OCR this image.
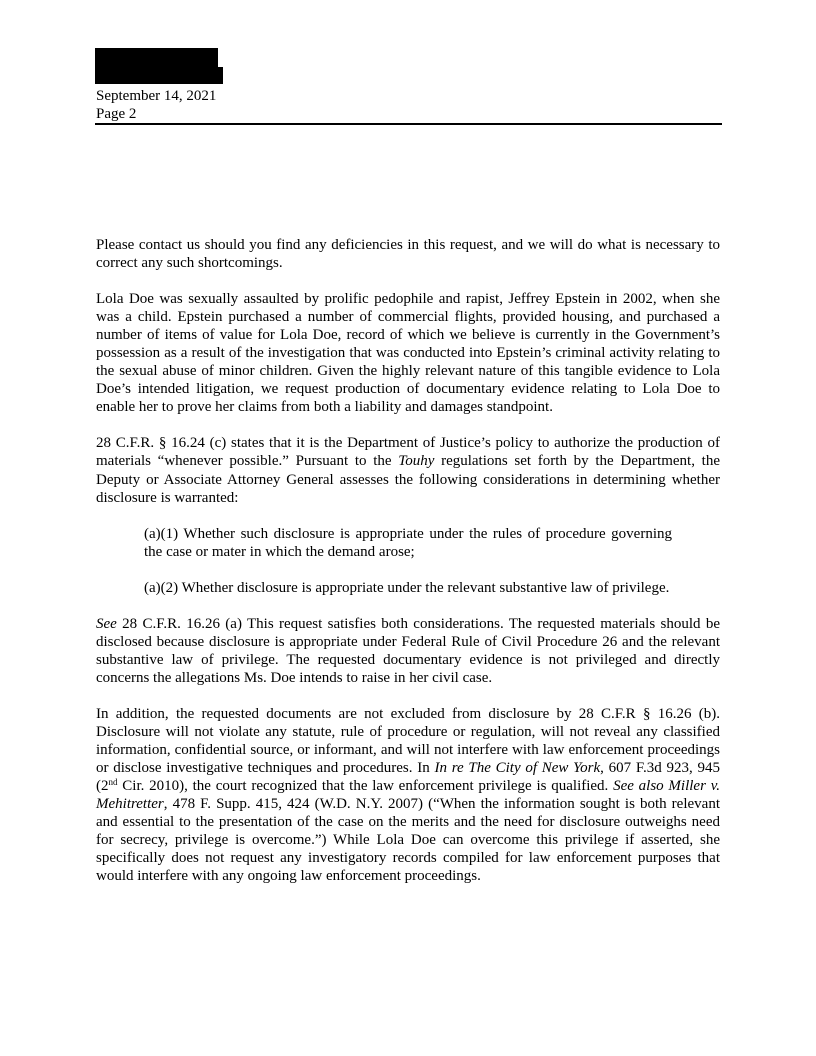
September 14, 2021
Page 2

Please contact us should you find any deficiencies in this request, and we will do what is necessary to correct any such shortcomings.

Lola Doe was sexually assaulted by prolific pedophile and rapist, Jeffrey Epstein in 2002, when she was a child. Epstein purchased a number of commercial flights, provided housing, and purchased a number of items of value for Lola Doe, record of which we believe is currently in the Government’s possession as a result of the investigation that was conducted into Epstein’s criminal activity relating to the sexual abuse of minor children. Given the highly relevant nature of this tangible evidence to Lola Doe’s intended litigation, we request production of documentary evidence relating to Lola Doe to enable her to prove her claims from both a liability and damages standpoint.

28 C.F.R. § 16.24 (c) states that it is the Department of Justice’s policy to authorize the production of materials “whenever possible.” Pursuant to the Touhy regulations set forth by the Department, the Deputy or Associate Attorney General assesses the following considerations in determining whether disclosure is warranted:

(a)(1) Whether such disclosure is appropriate under the rules of procedure governing the case or mater in which the demand arose;

(a)(2) Whether disclosure is appropriate under the relevant substantive law of privilege.

See 28 C.F.R. 16.26 (a) This request satisfies both considerations. The requested materials should be disclosed because disclosure is appropriate under Federal Rule of Civil Procedure 26 and the relevant substantive law of privilege. The requested documentary evidence is not privileged and directly concerns the allegations Ms. Doe intends to raise in her civil case.

In addition, the requested documents are not excluded from disclosure by 28 C.F.R § 16.26 (b). Disclosure will not violate any statute, rule of procedure or regulation, will not reveal any classified information, confidential source, or informant, and will not interfere with law enforcement proceedings or disclose investigative techniques and procedures. In In re The City of New York, 607 F.3d 923, 945 (2nd Cir. 2010), the court recognized that the law enforcement privilege is qualified. See also Miller v. Mehitretter, 478 F. Supp. 415, 424 (W.D. N.Y. 2007) (“When the information sought is both relevant and essential to the presentation of the case on the merits and the need for disclosure outweighs need for secrecy, privilege is overcome.”) While Lola Doe can overcome this privilege if asserted, she specifically does not request any investigatory records compiled for law enforcement purposes that would interfere with any ongoing law enforcement proceedings.
